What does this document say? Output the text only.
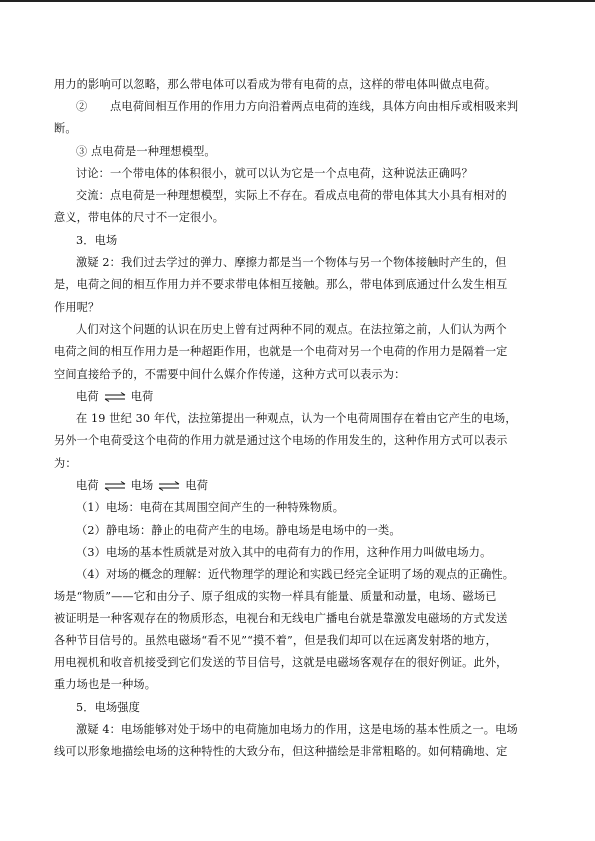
用力的影响可以忽略，那么带电体可以看成为带有电荷的点，这样的带电体叫做点电荷。
②　　点电荷间相互作用的作用力方向沿着两点电荷的连线，具体方向由相斥或相吸来判
断。
③ 点电荷是一种理想模型。
讨论：一个带电体的体积很小，就可以认为它是一个点电荷，这种说法正确吗？
交流：点电荷是一种理想模型，实际上不存在。看成点电荷的带电体其大小具有相对的
意义，带电体的尺寸不一定很小。
3．电场
激疑 2：我们过去学过的弹力、摩擦力都是当一个物体与另一个物体接触时产生的，但
是，电荷之间的相互作用力并不要求带电体相互接触。那么，带电体到底通过什么发生相互
作用呢？
人们对这个问题的认识在历史上曾有过两种不同的观点。在法拉第之前，人们认为两个
电荷之间的相互作用力是一种超距作用，也就是一个电荷对另一个电荷的作用力是隔着一定
空间直接给予的，不需要中间什么媒介作传递，这种方式可以表示为：
电荷	电荷
在 19 世纪 30 年代，法拉第提出一种观点，认为一个电荷周围存在着由它产生的电场，
另外一个电荷受这个电荷的作用力就是通过这个电场的作用发生的，这种作用方式可以表示
为：
电荷	电场	电荷
（1）电场：电荷在其周围空间产生的一种特殊物质。
（2）静电场：静止的电荷产生的电场。静电场是电场中的一类。
（3）电场的基本性质就是对放入其中的电荷有力的作用，这种作用力叫做电场力。
（4）对场的概念的理解：近代物理学的理论和实践已经完全证明了场的观点的正确性。
场是“物质”——它和由分子、原子组成的实物一样具有能量、质量和动量，电场、磁场已
被证明是一种客观存在的物质形态，电视台和无线电广播电台就是靠激发电磁场的方式发送
各种节目信号的。虽然电磁场“看不见”“摸不着”，但是我们却可以在远离发射塔的地方，
用电视机和收音机接受到它们发送的节目信号，这就是电磁场客观存在的很好例证。此外，
重力场也是一种场。
5．电场强度
激疑 4：电场能够对处于场中的电荷施加电场力的作用，这是电场的基本性质之一。电场
线可以形象地描绘电场的这种特性的大致分布，但这种描绘是非常粗略的。如何精确地、定
